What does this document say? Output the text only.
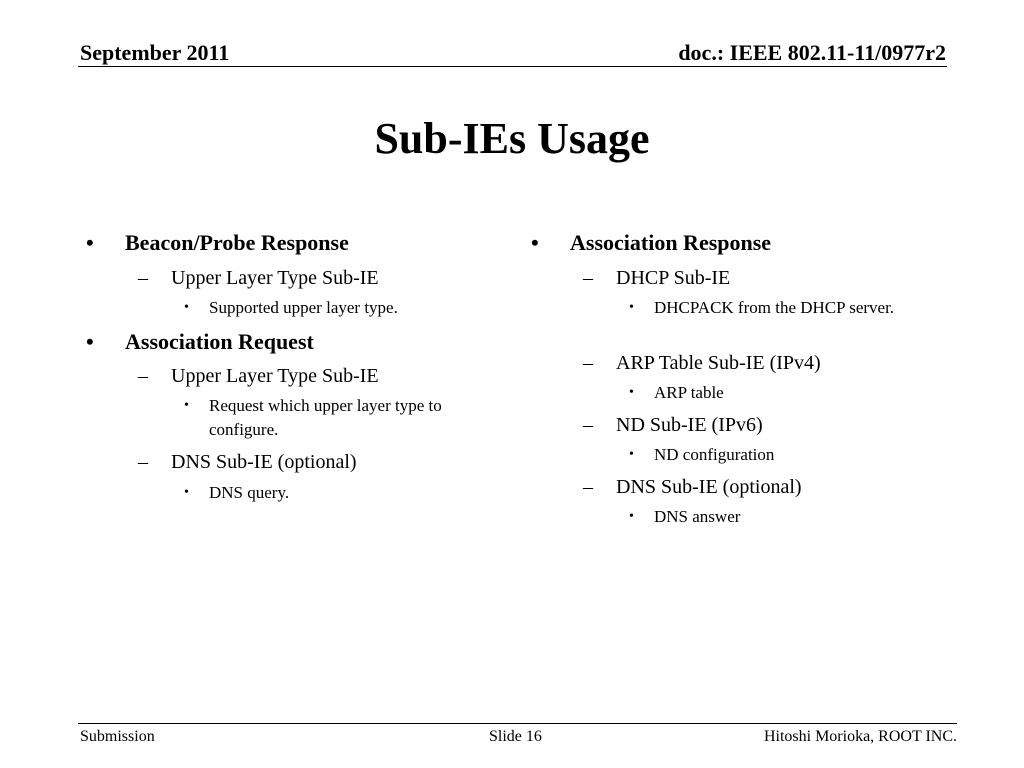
September 2011	doc.: IEEE 802.11-11/0977r2
Sub-IEs Usage
•	Beacon/Probe Response
– Upper Layer Type Sub-IE
• Supported upper layer type.
•	Association Request
– Upper Layer Type Sub-IE
• Request which upper layer type to configure.
– DNS Sub-IE (optional)
• DNS query.
•	Association Response
– DHCP Sub-IE
• DHCPACK from the DHCP server.
– ARP Table Sub-IE (IPv4)
• ARP table
– ND Sub-IE (IPv6)
• ND configuration
– DNS Sub-IE (optional)
• DNS answer
Submission	Slide 16	Hitoshi Morioka, ROOT INC.
